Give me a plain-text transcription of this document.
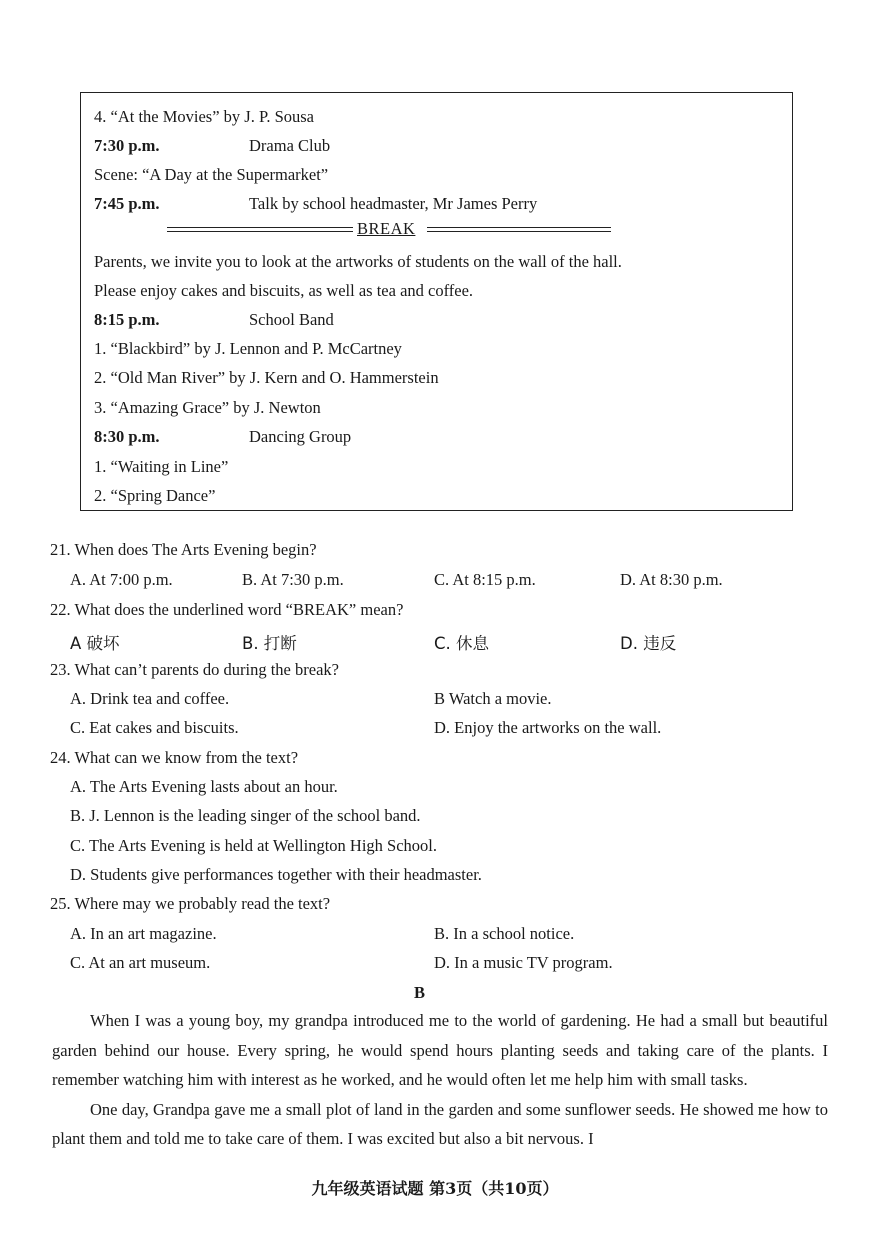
4. “At the Movies” by J. P. Sousa
7:30 p.m.	Drama Club
Scene: “A Day at the Supermarket”
7:45 p.m.	Talk by school headmaster, Mr James Perry
BREAK
Parents, we invite you to look at the artworks of students on the wall of the hall.
Please enjoy cakes and biscuits, as well as tea and coffee.
8:15 p.m.	School Band
1. “Blackbird” by J. Lennon and P. McCartney
2. “Old Man River” by J. Kern and O. Hammerstein
3. “Amazing Grace” by J. Newton
8:30 p.m.	Dancing Group
1. “Waiting in Line”
2. “Spring Dance”
21. When does The Arts Evening begin?
A. At 7:00 p.m.	B. At 7:30 p.m.	C. At 8:15 p.m.	D. At 8:30 p.m.
22. What does the underlined word “BREAK” mean?
A 破坏	B. 打断	C. 休息	D. 违反
23. What can’t parents do during the break?
A. Drink tea and coffee.	B Watch a movie.
C. Eat cakes and biscuits.	D. Enjoy the artworks on the wall.
24. What can we know from the text?
A. The Arts Evening lasts about an hour.
B. J. Lennon is the leading singer of the school band.
C. The Arts Evening is held at Wellington High School.
D. Students give performances together with their headmaster.
25. Where may we probably read the text?
A. In an art magazine.	B. In a school notice.
C. At an art museum.	D. In a music TV program.
B

When I was a young boy, my grandpa introduced me to the world of gardening. He had a small but beautiful garden behind our house. Every spring, he would spend hours planting seeds and taking care of the plants. I remember watching him with interest as he worked, and he would often let me help him with small tasks.

One day, Grandpa gave me a small plot of land in the garden and some sunflower seeds. He showed me how to plant them and told me to take care of them. I was excited but also a bit nervous. I

九年级英语试题 第3页（共10页）
